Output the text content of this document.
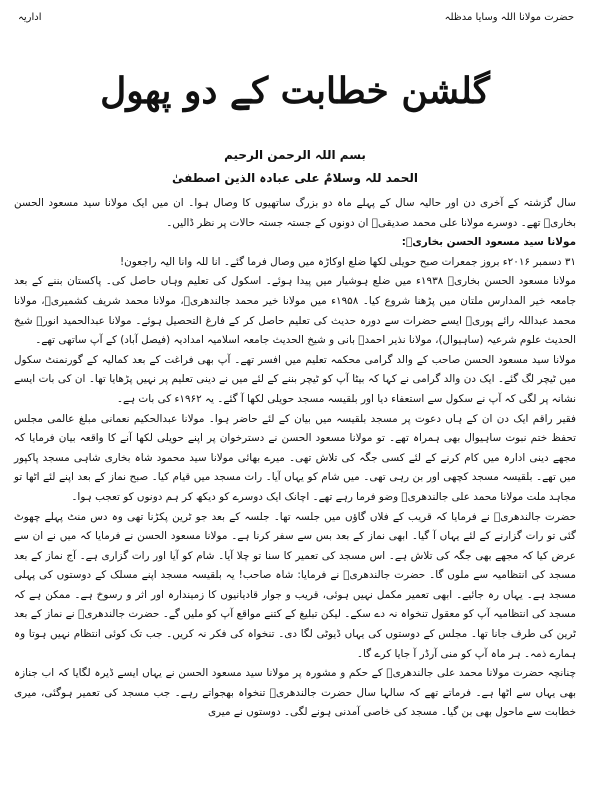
اداریہ	حضرت مولانا اللہ وسایا مدظلہ
گلشن خطابت کے دو پھول
بسم اللہ الرحمن الرحیم
الحمد للہ وسلامٌ علی عبادہ الذین اصطفیٰ

سال گزشتہ کے آخری دن اور حالیہ سال کے پہلے ماہ دو بزرگ ساتھیوں کا وصال ہوا۔ ان میں ایک مولانا سید مسعود الحسن بخاریؒ تھے۔ دوسرے مولانا علی محمد صدیقیؒ ان دونوں کے جستہ جستہ حالات پر نظر ڈالیں۔

مولانا سید مسعود الحسن بخاریؒ:

۳۱ دسمبر ۲۰۱۶ء بروز جمعرات صبح حویلی لکھا ضلع اوکاڑہ میں وصال فرما گئے۔ انا للہ وانا الیہ راجعون!

مولانا مسعود الحسن بخاریؒ ۱۹۳۸ء میں ضلع ہوشیار میں پیدا ہوئے۔ اسکول کی تعلیم وہاں حاصل کی۔ پاکستان بننے کے بعد جامعہ خیر المدارس ملتان میں پڑھنا شروع کیا۔ ۱۹۵۸ء میں مولانا خیر محمد جالندھریؒ، مولانا محمد شریف کشمیریؒ، مولانا محمد عبداللہ رائے پوریؒ ایسے حضرات سے دورہ حدیث کی تعلیم حاصل کر کے فارغ التحصیل ہوئے۔ مولانا عبدالحمید انورؒ شیخ الحدیث علوم شرعیہ (ساہیوال)، مولانا نذیر احمدؒ بانی و شیخ الحدیث جامعہ اسلامیہ امدادیہ (فیصل آباد) کے آپ ساتھی تھے۔

مولانا سید مسعود الحسن صاحب کے والد گرامی محکمہ تعلیم میں افسر تھے۔ آپ بھی فراغت کے بعد کمالیہ کے گورنمنٹ سکول میں ٹیچر لگ گئے۔ ایک دن والد گرامی نے کہا کہ بیٹا آپ کو ٹیچر بننے کے لئے میں نے دینی تعلیم پر نہیں پڑھایا تھا۔ ان کی بات ایسے نشانہ پر لگی کہ آپ نے سکول سے استعفاء دیا اور بلقیسہ مسجد حویلی لکھا آ گئے۔ یہ ۱۹۶۲ء کی بات ہے۔

فقیر راقم ایک دن ان کے ہاں دعوت پر مسجد بلقیسہ میں بیان کے لئے حاضر ہوا۔ مولانا عبدالحکیم نعمانی مبلغ عالمی مجلس تحفظ ختم نبوت ساہیوال بھی ہمراہ تھے۔ تو مولانا مسعود الحسن نے دسترخوان پر اپنے حویلی لکھا آنے کا واقعہ بیان فرمایا کہ مجھے دینی ادارہ میں کام کرنے کے لئے کسی جگہ کی تلاش تھی۔ میرے بھائی مولانا سید محمود شاہ بخاری شاہی مسجد پاکپور میں تھے۔ بلقیسہ مسجد کچھی اور بن رہی تھی۔ میں شام کو یہاں آیا۔ رات مسجد میں قیام کیا۔ صبح نماز کے بعد اپنے لئے اٹھا تو مجاہد ملت مولانا محمد علی جالندھریؒ وضو فرما رہے تھے۔ اچانک ایک دوسرے کو دیکھ کر ہم دونوں کو تعجب ہوا۔

حضرت جالندھریؒ نے فرمایا کہ قریب کے فلاں گاؤں میں جلسہ تھا۔ جلسہ کے بعد جو ٹرین پکڑنا تھی وہ دس منٹ پہلے چھوٹ گئی تو رات گزارنے کے لئے یہاں آ گیا۔ ابھی نماز کے بعد بس سے سفر کرنا ہے۔ مولانا مسعود الحسن نے فرمایا کہ میں نے ان سے عرض کیا کہ مجھے بھی جگہ کی تلاش ہے۔ اس مسجد کی تعمیر کا سنا تو چلا آیا۔ شام کو آیا اور رات گزاری ہے۔ آج نماز کے بعد مسجد کی انتظامیہ سے ملوں گا۔ حضرت جالندھریؒ نے فرمایا: شاہ صاحب! یہ بلقیسہ مسجد اپنے مسلک کے دوستوں کی پہلی مسجد ہے۔ یہاں رہ جائیے۔ ابھی تعمیر مکمل نہیں ہوئی، قریب و جوار قادیانیوں کا زمیندارہ اور اثر و رسوخ ہے۔ ممکن ہے کہ مسجد کی انتظامیہ آپ کو معقول تنخواہ نہ دے سکے۔ لیکن تبلیغ کے کتنے مواقع آپ کو ملیں گے۔ حضرت جالندھریؒ نے نماز کے بعد ٹرین کی طرف جانا تھا۔ مجلس کے دوستوں کی یہاں ڈیوٹی لگا دی۔ تنخواہ کی فکر نہ کریں۔ جب تک کوئی انتظام نہیں ہوتا وہ ہمارے ذمہ۔ ہر ماہ آپ کو منی آرڈر آ جایا کرے گا۔

چنانچہ حضرت مولانا محمد علی جالندھریؒ کے حکم و مشورہ پر مولانا سید مسعود الحسن نے یہاں ایسے ڈیرہ لگایا کہ اب جنازہ بھی یہاں سے اٹھا ہے۔ فرماتے تھے کہ سالہا سال حضرت جالندھریؒ تنخواہ بھجواتے رہے۔ جب مسجد کی تعمیر ہوگئی، میری خطابت سے ماحول بھی بن گیا۔ مسجد کی خاصی آمدنی ہونے لگی۔ دوستوں نے میری
